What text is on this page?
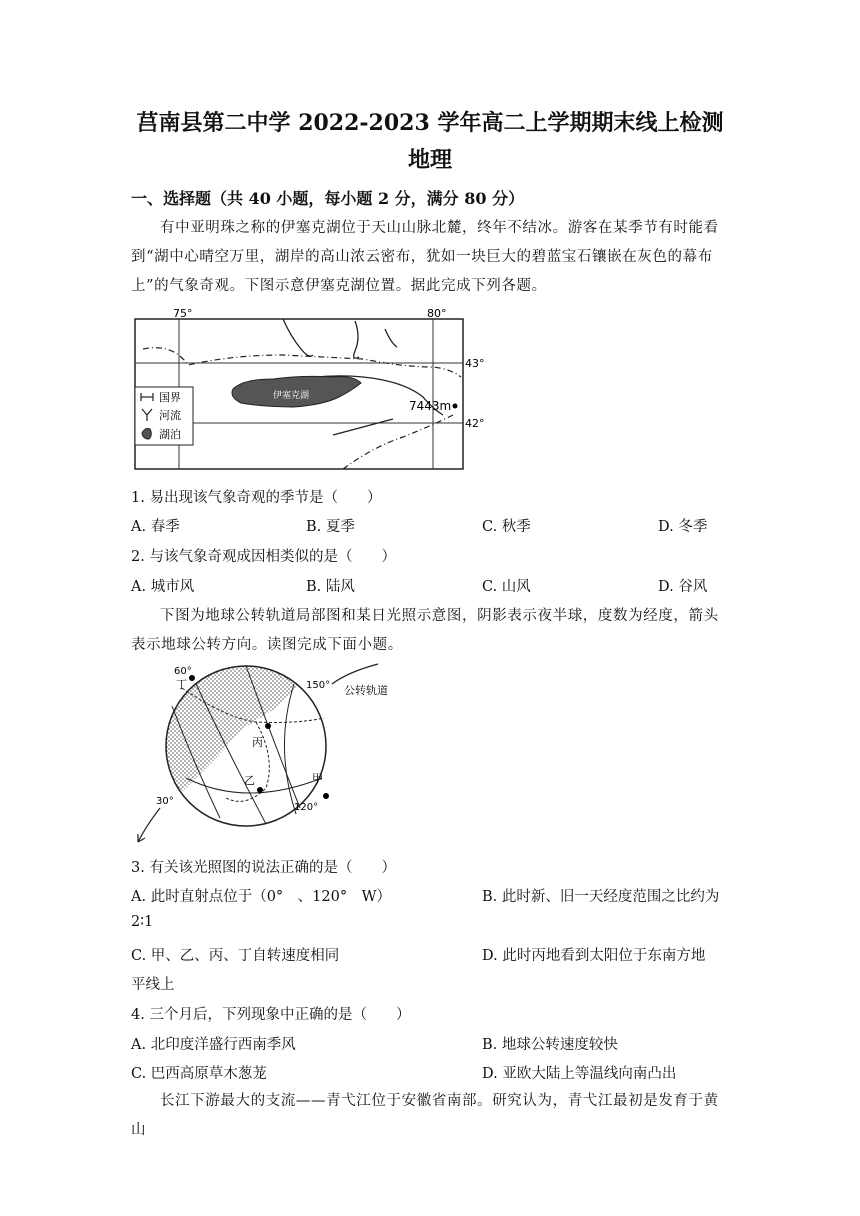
莒南县第二中学 2022-2023 学年高二上学期期末线上检测
地理
一、选择题（共 40 小题，每小题 2 分，满分 80 分）
有中亚明珠之称的伊塞克湖位于天山山脉北麓，终年不结冰。游客在某季节有时能看到“湖中心晴空万里，湖岸的高山浓云密布，犹如一块巨大的碧蓝宝石镶嵌在灰色的幕布上”的气象奇观。下图示意伊塞克湖位置。据此完成下列各题。
伊塞克湖
7443m
75°	80°
43°
42°
国界
河流
湖泊
1. 易出现该气象奇观的季节是（　　）
A. 春季	B. 夏季	C. 秋季	D. 冬季
2. 与该气象奇观成因相类似的是（　　）
A. 城市风	B. 陆风	C. 山风	D. 谷风
下图为地球公转轨道局部图和某日光照示意图，阴影表示夜半球，度数为经度，箭头表示地球公转方向。读图完成下面小题。
丁
丙
乙	甲
60°
150°
30°
120°
公转轨道
3. 有关该光照图的说法正确的是（　　）
A. 此时直射点位于（0°　、120°　W）	B. 此时新、旧一天经度范围之比约为
2∶1
C. 甲、乙、丙、丁自转速度相同	D. 此时丙地看到太阳位于东南方地
平线上
4. 三个月后，下列现象中正确的是（　　）
A. 北印度洋盛行西南季风	B. 地球公转速度较快
C. 巴西高原草木葱茏	D. 亚欧大陆上等温线向南凸出
长江下游最大的支流——青弋江位于安徽省南部。研究认为，青弋江最初是发育于黄山
